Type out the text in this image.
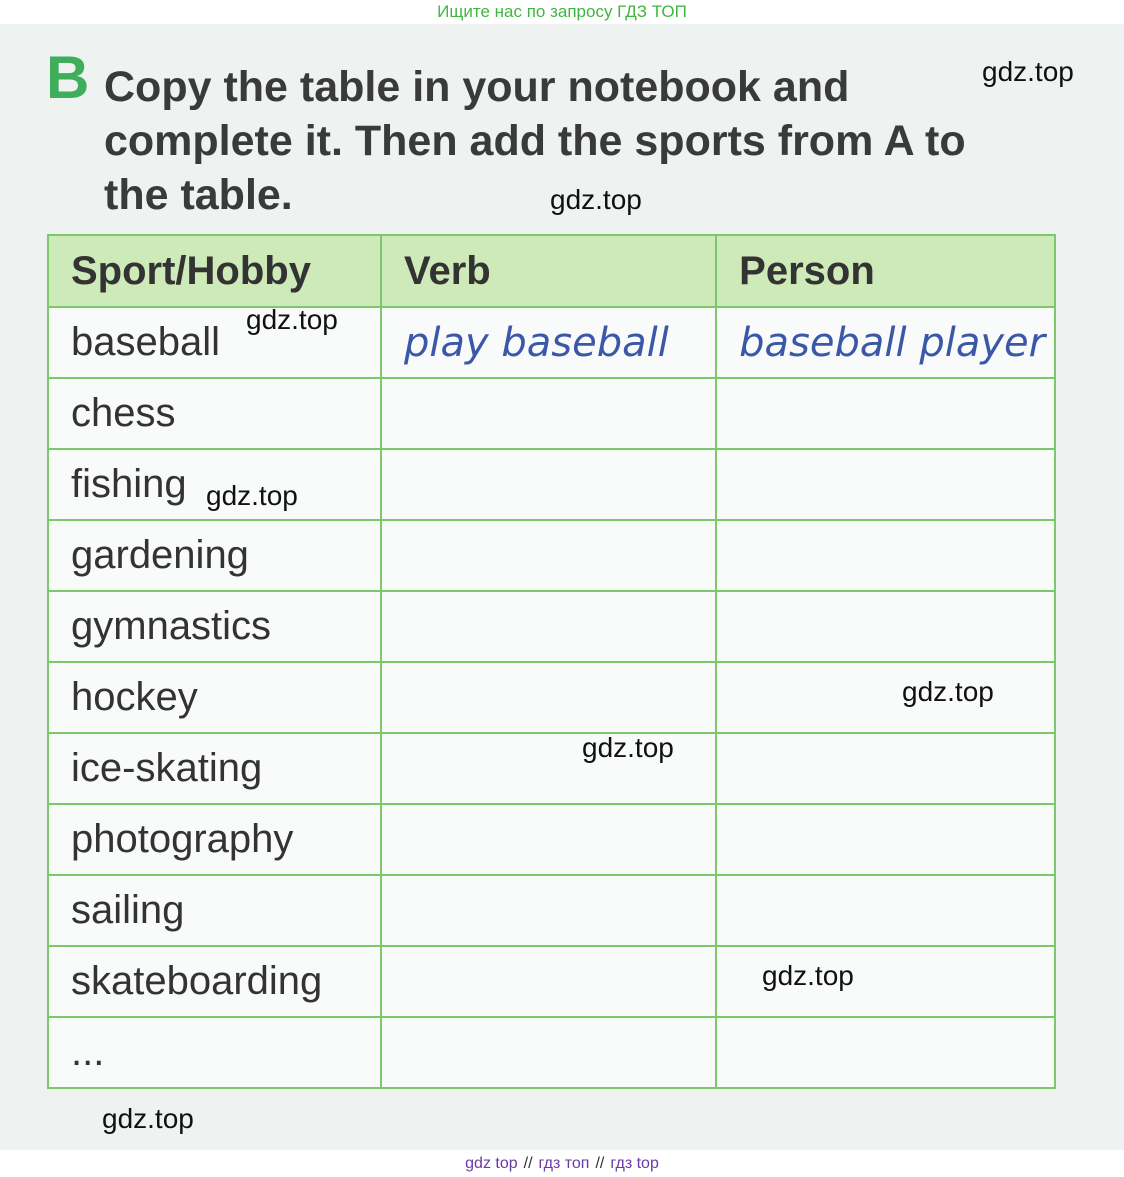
Ищите нас по запросу ГДЗ ТОП
B Copy the table in your notebook and
complete it. Then add the sports from A to
the table.
Sport/Hobby	Verb	Person
baseball	play baseball	baseball player
chess		
fishing		
gardening		
gymnastics		
hockey		
ice-skating		
photography		
sailing		
skateboarding		
...		
gdz.top
gdz.top
gdz.top
gdz.top
gdz.top
gdz.top
gdz.top
gdz.top
gdz top // гдз топ // гдз top
